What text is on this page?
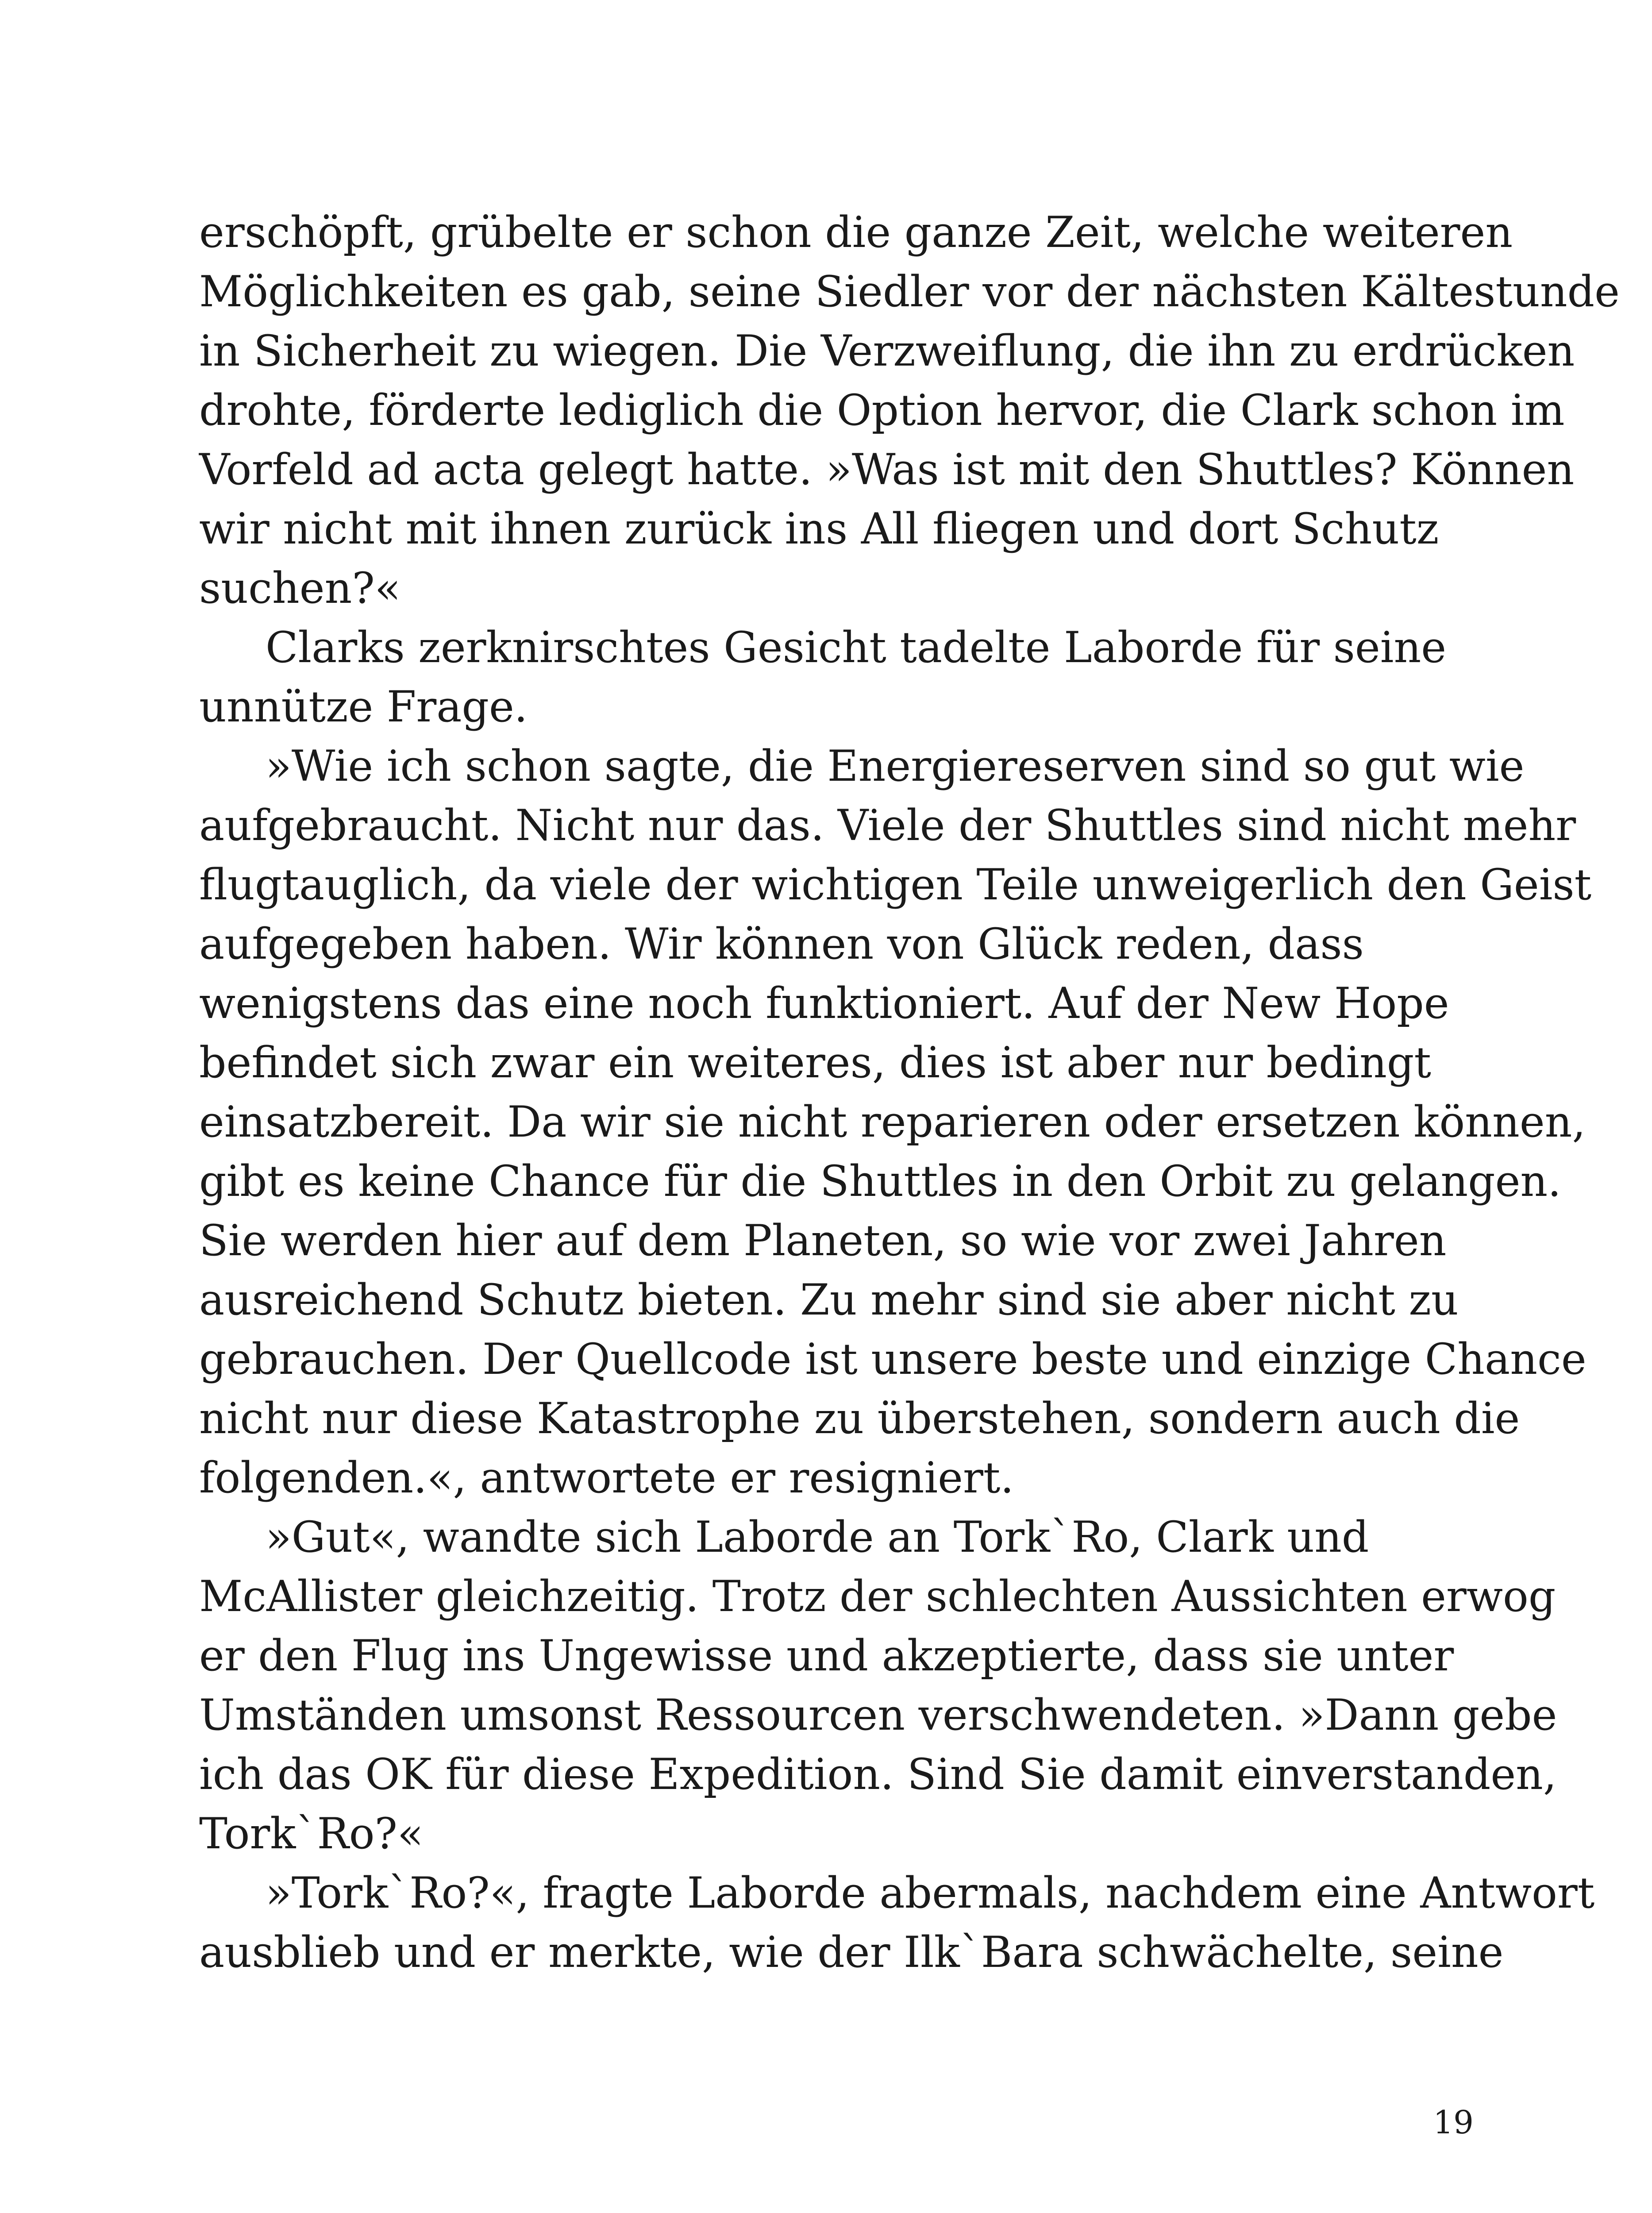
erschöpft, grübelte er schon die ganze Zeit, welche weiteren
Möglichkeiten es gab, seine Siedler vor der nächsten Kältestunde
in Sicherheit zu wiegen. Die Verzweiflung, die ihn zu erdrücken
drohte, förderte lediglich die Option hervor, die Clark schon im
Vorfeld ad acta gelegt hatte. »Was ist mit den Shuttles? Können
wir nicht mit ihnen zurück ins All fliegen und dort Schutz
suchen?«
Clarks zerknirschtes Gesicht tadelte Laborde für seine
unnütze Frage.
»Wie ich schon sagte, die Energiereserven sind so gut wie
aufgebraucht. Nicht nur das. Viele der Shuttles sind nicht mehr
flugtauglich, da viele der wichtigen Teile unweigerlich den Geist
aufgegeben haben. Wir können von Glück reden, dass
wenigstens das eine noch funktioniert. Auf der New Hope
befindet sich zwar ein weiteres, dies ist aber nur bedingt
einsatzbereit. Da wir sie nicht reparieren oder ersetzen können,
gibt es keine Chance für die Shuttles in den Orbit zu gelangen.
Sie werden hier auf dem Planeten, so wie vor zwei Jahren
ausreichend Schutz bieten. Zu mehr sind sie aber nicht zu
gebrauchen. Der Quellcode ist unsere beste und einzige Chance
nicht nur diese Katastrophe zu überstehen, sondern auch die
folgenden.«, antwortete er resigniert.
»Gut«, wandte sich Laborde an Tork`Ro, Clark und
McAllister gleichzeitig. Trotz der schlechten Aussichten erwog
er den Flug ins Ungewisse und akzeptierte, dass sie unter
Umständen umsonst Ressourcen verschwendeten. »Dann gebe
ich das OK für diese Expedition. Sind Sie damit einverstanden,
Tork`Ro?«
»Tork`Ro?«, fragte Laborde abermals, nachdem eine Antwort
ausblieb und er merkte, wie der Ilk`Bara schwächelte, seine
19
